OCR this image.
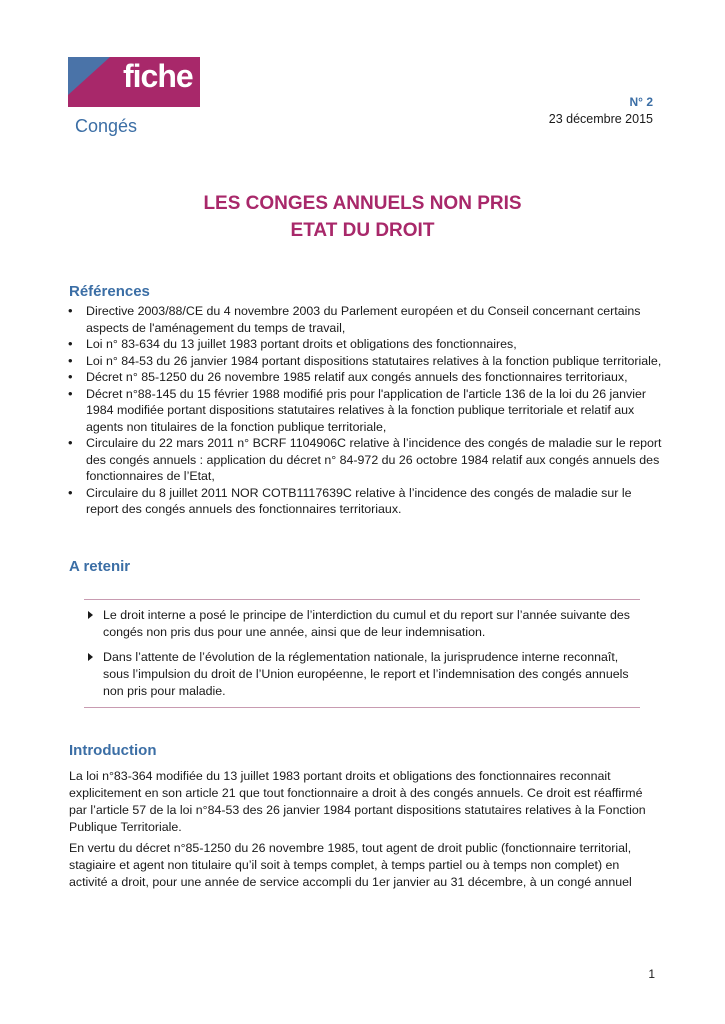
fiche
Congés
N° 2
23 décembre 2015
LES CONGES ANNUELS NON PRIS
ETAT DU DROIT
Références
• Directive 2003/88/CE du 4 novembre 2003 du Parlement européen et du Conseil concernant certains aspects de l'aménagement du temps de travail,
• Loi n° 83-634 du 13 juillet 1983 portant droits et obligations des fonctionnaires,
• Loi n° 84-53 du 26 janvier 1984 portant dispositions statutaires relatives à la fonction publique territoriale,
• Décret n° 85-1250 du 26 novembre 1985 relatif aux congés annuels des fonctionnaires territoriaux,
• Décret n°88-145 du 15 février 1988 modifié pris pour l'application de l'article 136 de la loi du 26 janvier 1984 modifiée portant dispositions statutaires relatives à la fonction publique territoriale et relatif aux agents non titulaires de la fonction publique territoriale,
• Circulaire du 22 mars 2011 n° BCRF 1104906C relative à l’incidence des congés de maladie sur le report des congés annuels : application du décret n° 84-972 du 26 octobre 1984 relatif aux congés annuels des fonctionnaires de l’Etat,
• Circulaire du 8 juillet 2011 NOR COTB1117639C relative à l’incidence des congés de maladie sur le report des congés annuels des fonctionnaires territoriaux.
A retenir
Le droit interne a posé le principe de l’interdiction du cumul et du report sur l’année suivante des congés non pris dus pour une année, ainsi que de leur indemnisation.
Dans l’attente de l’évolution de la réglementation nationale, la jurisprudence interne reconnaît, sous l’impulsion du droit de l’Union européenne, le report et l’indemnisation des congés annuels non pris pour maladie.
Introduction

La loi n°83-364 modifiée du 13 juillet 1983 portant droits et obligations des fonctionnaires reconnait explicitement en son article 21 que tout fonctionnaire a droit à des congés annuels. Ce droit est réaffirmé par l’article 57 de la loi n°84-53 des 26 janvier 1984 portant dispositions statutaires relatives à la Fonction Publique Territoriale.

En vertu du décret n°85-1250 du 26 novembre 1985, tout agent de droit public (fonctionnaire territorial, stagiaire et agent non titulaire qu’il soit à temps complet, à temps partiel ou à temps non complet) en activité a droit, pour une année de service accompli du 1er janvier au 31 décembre, à un congé annuel

1
